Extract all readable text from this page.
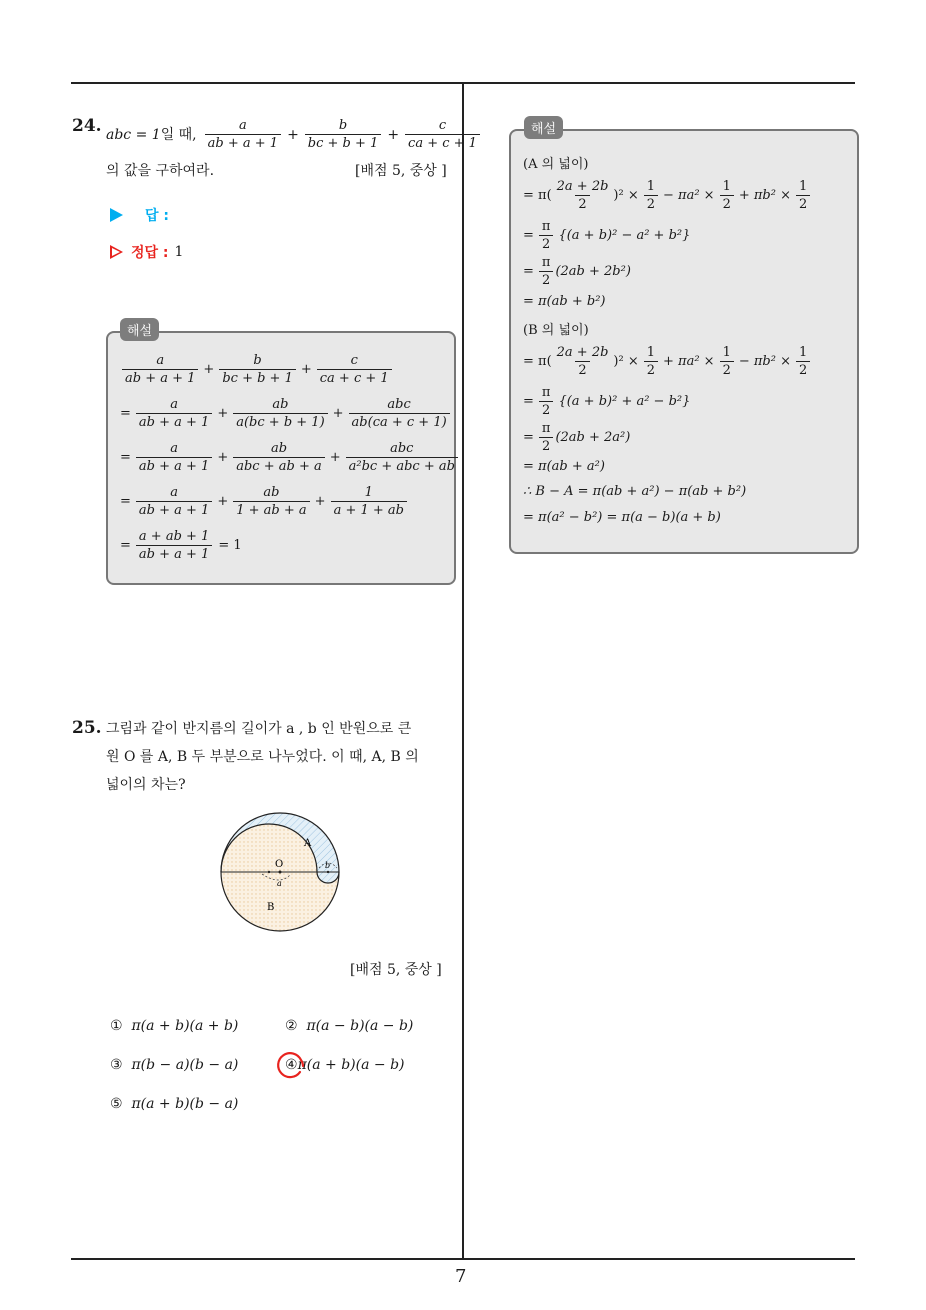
7
24. abc = 1 일 때, $\frac{a}{ab + a + 1} + \frac{b}{bc + b + 1} + \frac{c}{ca + c + 1}$
의 값을 구하여라.	[배점 5, 중상 ]
답 :
정답 : 1
$\frac{a}{ab + a + 1} + \frac{b}{bc + b + 1} + \frac{c}{ca + c + 1}$
= $\frac{a}{ab + a + 1} + \frac{ab}{a(bc + b + 1)} + \frac{\text{abc}}{ab(ca + c + 1)}$
= $\frac{a}{ab + a + 1} + \frac{ab}{\text{abc + ab + a}} + \frac{\text{abc}}{\text{a²bc + abc + ab}}$
= $\frac{a}{ab + a + 1} + \frac{ab}{1 + ab + a} + \frac{1}{a + 1 + ab}$
= $\frac{a + ab + 1}{ab + a + 1} = 1$
해설
25. 그림과 같이 반지름의 길이가 a , b 인 반원으로 큰
원 O 를 A, B 두 부분으로 나누었다. 이 때, A, B 의
넓이의 차는?
O
A
B
a
b
[배점 5, 중상 ]
① π(a + b)(a + b)	② π(a − b)(a − b)
③ π(b − a)(b − a)	④π(a + b)(a − b)
⑤ π(a + b)(b − a)
(A 의 넓이)
= $\pi( \frac{2a + 2b}{2} )^2 \times \frac{1}{2} - \pi a^2 \times \frac{1}{2} + \pi b^2 \times \frac{1}{2}$
= $\frac{\pi}{2} \{(a + b)^2 - a^2 + b^2\}$
= $\frac{\pi}{2} (2ab + 2b^2)$
= π(ab + b²)
(B 의 넓이)
= $\pi( \frac{2a + 2b}{2} )^2 \times \frac{1}{2} + \pi a^2 \times \frac{1}{2} - \pi b^2 \times \frac{1}{2}$
= $\frac{\pi}{2} \{(a + b)^2 + a^2 - b^2\}$
= $\frac{\pi}{2} (2ab + 2a^2)$
= π(ab + a²)
∴ B − A = π(ab + a²) − π(ab + b²)
= π(a² − b²) = π(a − b)(a + b)
해설
